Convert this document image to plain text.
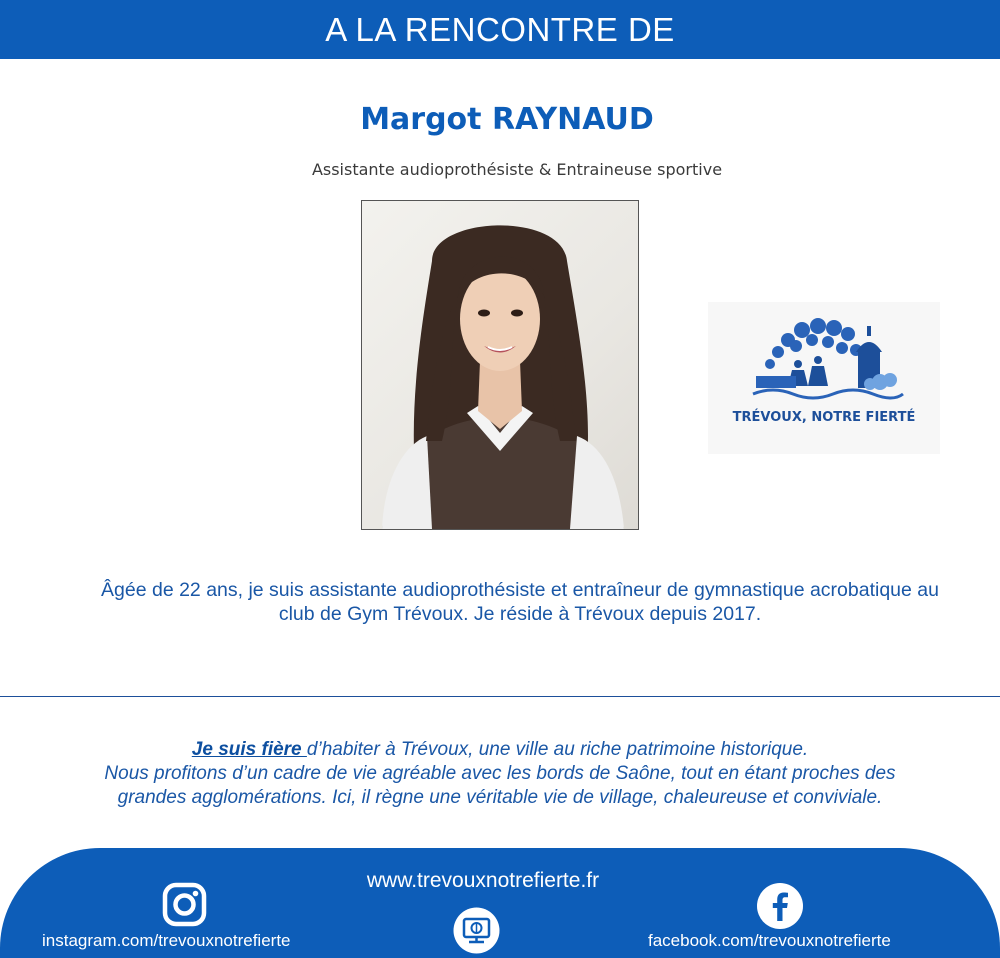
A LA RENCONTRE DE
Margot RAYNAUD
Assistante audioprothésiste & Entraineuse sportive
TRÉVOUX, NOTRE FIERTÉ
Âgée de 22 ans, je suis assistante audioprothésiste et entraîneur de gymnastique acrobatique au
club de Gym Trévoux. Je réside à Trévoux depuis 2017.
Je suis fière d’habiter à Trévoux, une ville au riche patrimoine historique.
Nous profitons d’un cadre de vie agréable avec les bords de Saône, tout en étant proches des
grandes agglomérations. Ici, il règne une véritable vie de village, chaleureuse et conviviale.
www.trevouxnotrefierte.fr
instagram.com/trevouxnotrefierte	facebook.com/trevouxnotrefierte
